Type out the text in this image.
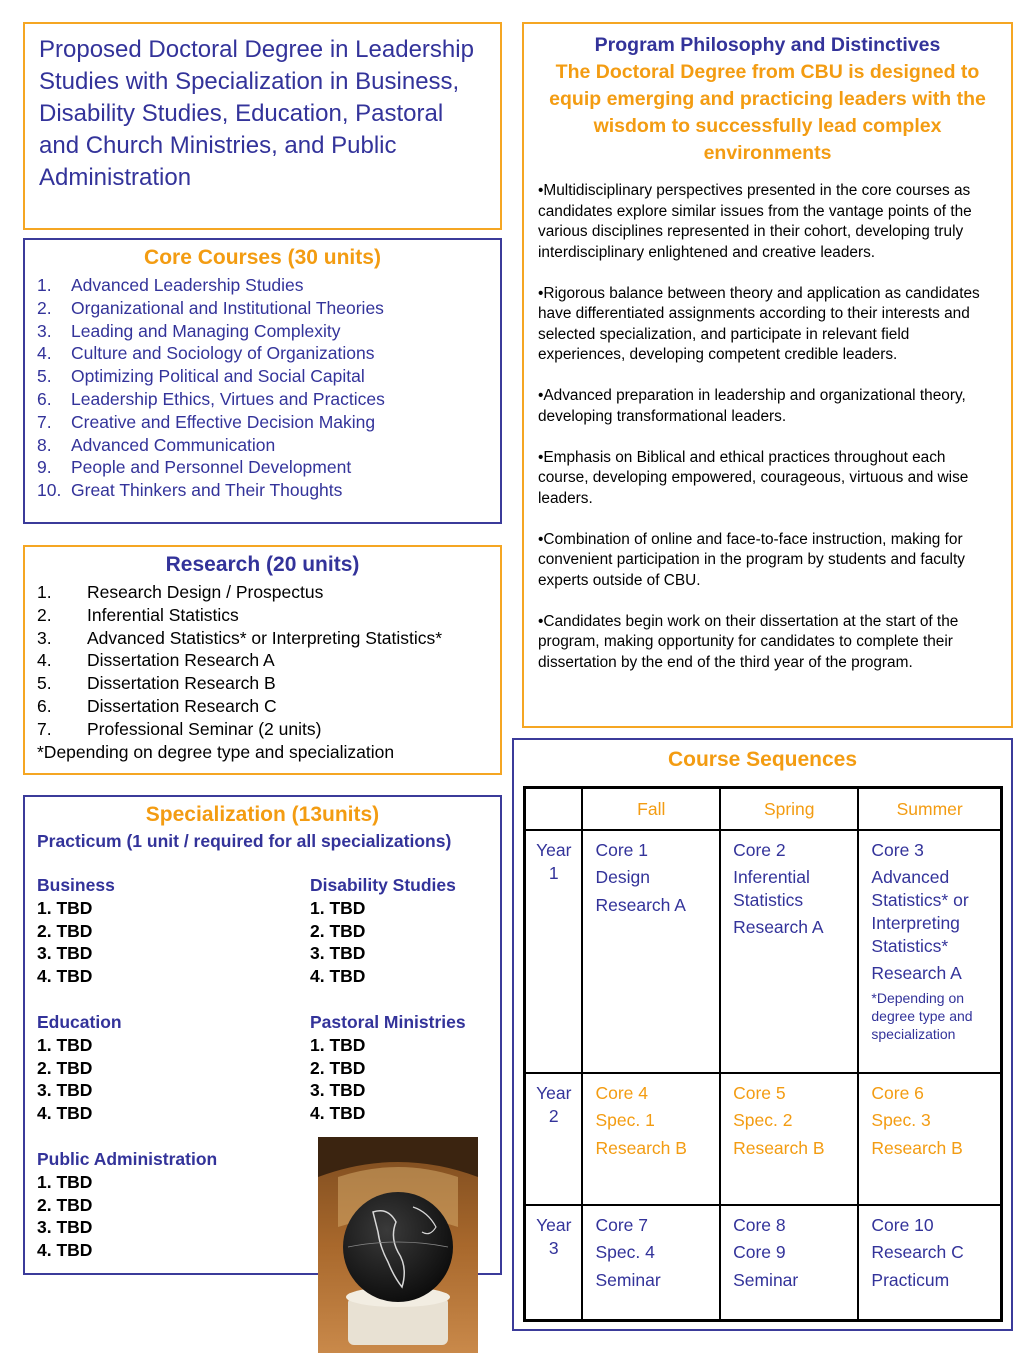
Proposed Doctoral Degree in Leadership Studies with Specialization in Business, Disability Studies, Education, Pastoral and Church Ministries, and Public Administration
Core Courses (30 units)
1.	Advanced Leadership Studies
2.	Organizational and Institutional Theories
3.	Leading and Managing Complexity
4.	Culture and Sociology of Organizations
5.	Optimizing Political and Social Capital
6.	Leadership Ethics, Virtues and Practices
7.	Creative and Effective Decision Making
8.	Advanced Communication
9.	People and Personnel Development
10. Great Thinkers and Their Thoughts
Research (20 units)
1.	Research Design / Prospectus
2.	Inferential Statistics
3.	Advanced Statistics* or Interpreting Statistics*
4.	Dissertation Research A
5.	Dissertation Research B
6.	Dissertation Research C
7.	Professional Seminar (2 units)
*Depending on degree type and specialization
Specialization (13units)
Practicum (1 unit / required for all specializations)
Business
1. TBD
2. TBD
3. TBD
4. TBD
Disability Studies
1. TBD
2. TBD
3. TBD
4. TBD
Education
1. TBD
2. TBD
3. TBD
4. TBD
Pastoral Ministries
1. TBD
2. TBD
3. TBD
4. TBD
Public Administration
1. TBD
2. TBD
3. TBD
4. TBD
Program Philosophy and Distinctives
The Doctoral Degree from CBU is designed to equip emerging and practicing leaders with the wisdom to successfully lead complex environments

•Multidisciplinary perspectives presented in the core courses as candidates explore similar issues from the vantage points of the various disciplines represented in their cohort, developing truly interdisciplinary enlightened and creative leaders.

•Rigorous balance between theory and application as candidates have differentiated assignments according to their interests and selected specialization, and participate in relevant field experiences, developing competent credible leaders.

•Advanced preparation in leadership and organizational theory, developing transformational leaders.

•Emphasis on Biblical and ethical practices throughout each course, developing empowered, courageous, virtuous and wise leaders.

•Combination of online and face-to-face instruction, making for convenient participation in the program by students and faculty experts outside of CBU.

•Candidates begin work on their dissertation at the start of the program, making opportunity for candidates to complete their dissertation by the end of the third year of the program.

Course Sequences
	Fall	Spring	Summer
Year
1	Core 1
Design
Research A	Core 2
Inferential Statistics
Research A	Core 3
Advanced Statistics* or Interpreting Statistics*
Research A
*Depending on degree type and specialization

Year
2	Core 4
Spec. 1
Research B	Core 5
Spec. 2
Research B	Core 6
Spec. 3
Research B

Year
3	Core 7
Spec. 4
Seminar	Core 8
Core 9
Seminar	Core 10
Research C
Practicum
